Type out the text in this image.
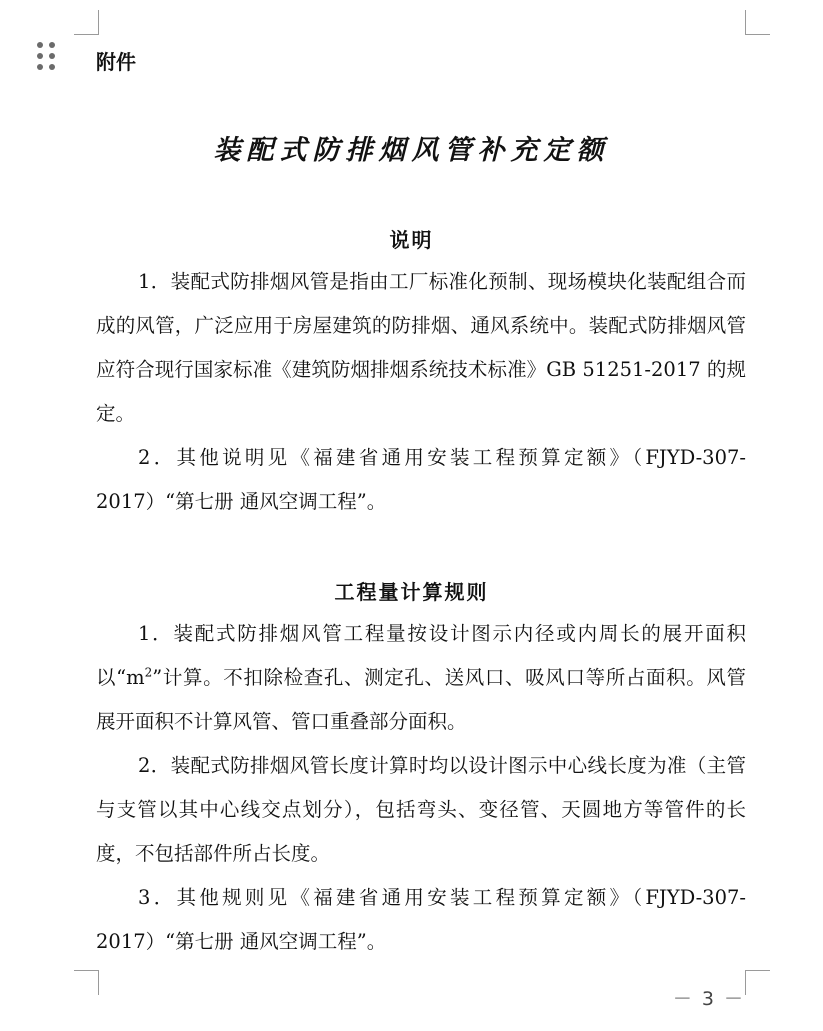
附件
装配式防排烟风管补充定额
说明

1．装配式防排烟风管是指由工厂标准化预制、现场模块化装配组合而成的风管，广泛应用于房屋建筑的防排烟、通风系统中。装配式防排烟风管应符合现行国家标准《建筑防烟排烟系统技术标准》GB 51251-2017 的规定。

2．其他说明见《福建省通用安装工程预算定额》（FJYD-307-2017）“第七册 通风空调工程”。

工程量计算规则

1．装配式防排烟风管工程量按设计图示内径或内周长的展开面积以“$m^2$”计算。不扣除检查孔、测定孔、送风口、吸风口等所占面积。风管展开面积不计算风管、管口重叠部分面积。

2．装配式防排烟风管长度计算时均以设计图示中心线长度为准（主管与支管以其中心线交点划分），包括弯头、变径管、天圆地方等管件的长度，不包括部件所占长度。

3．其他规则见《福建省通用安装工程预算定额》（FJYD-307-2017）“第七册 通风空调工程”。

－ 3 －
